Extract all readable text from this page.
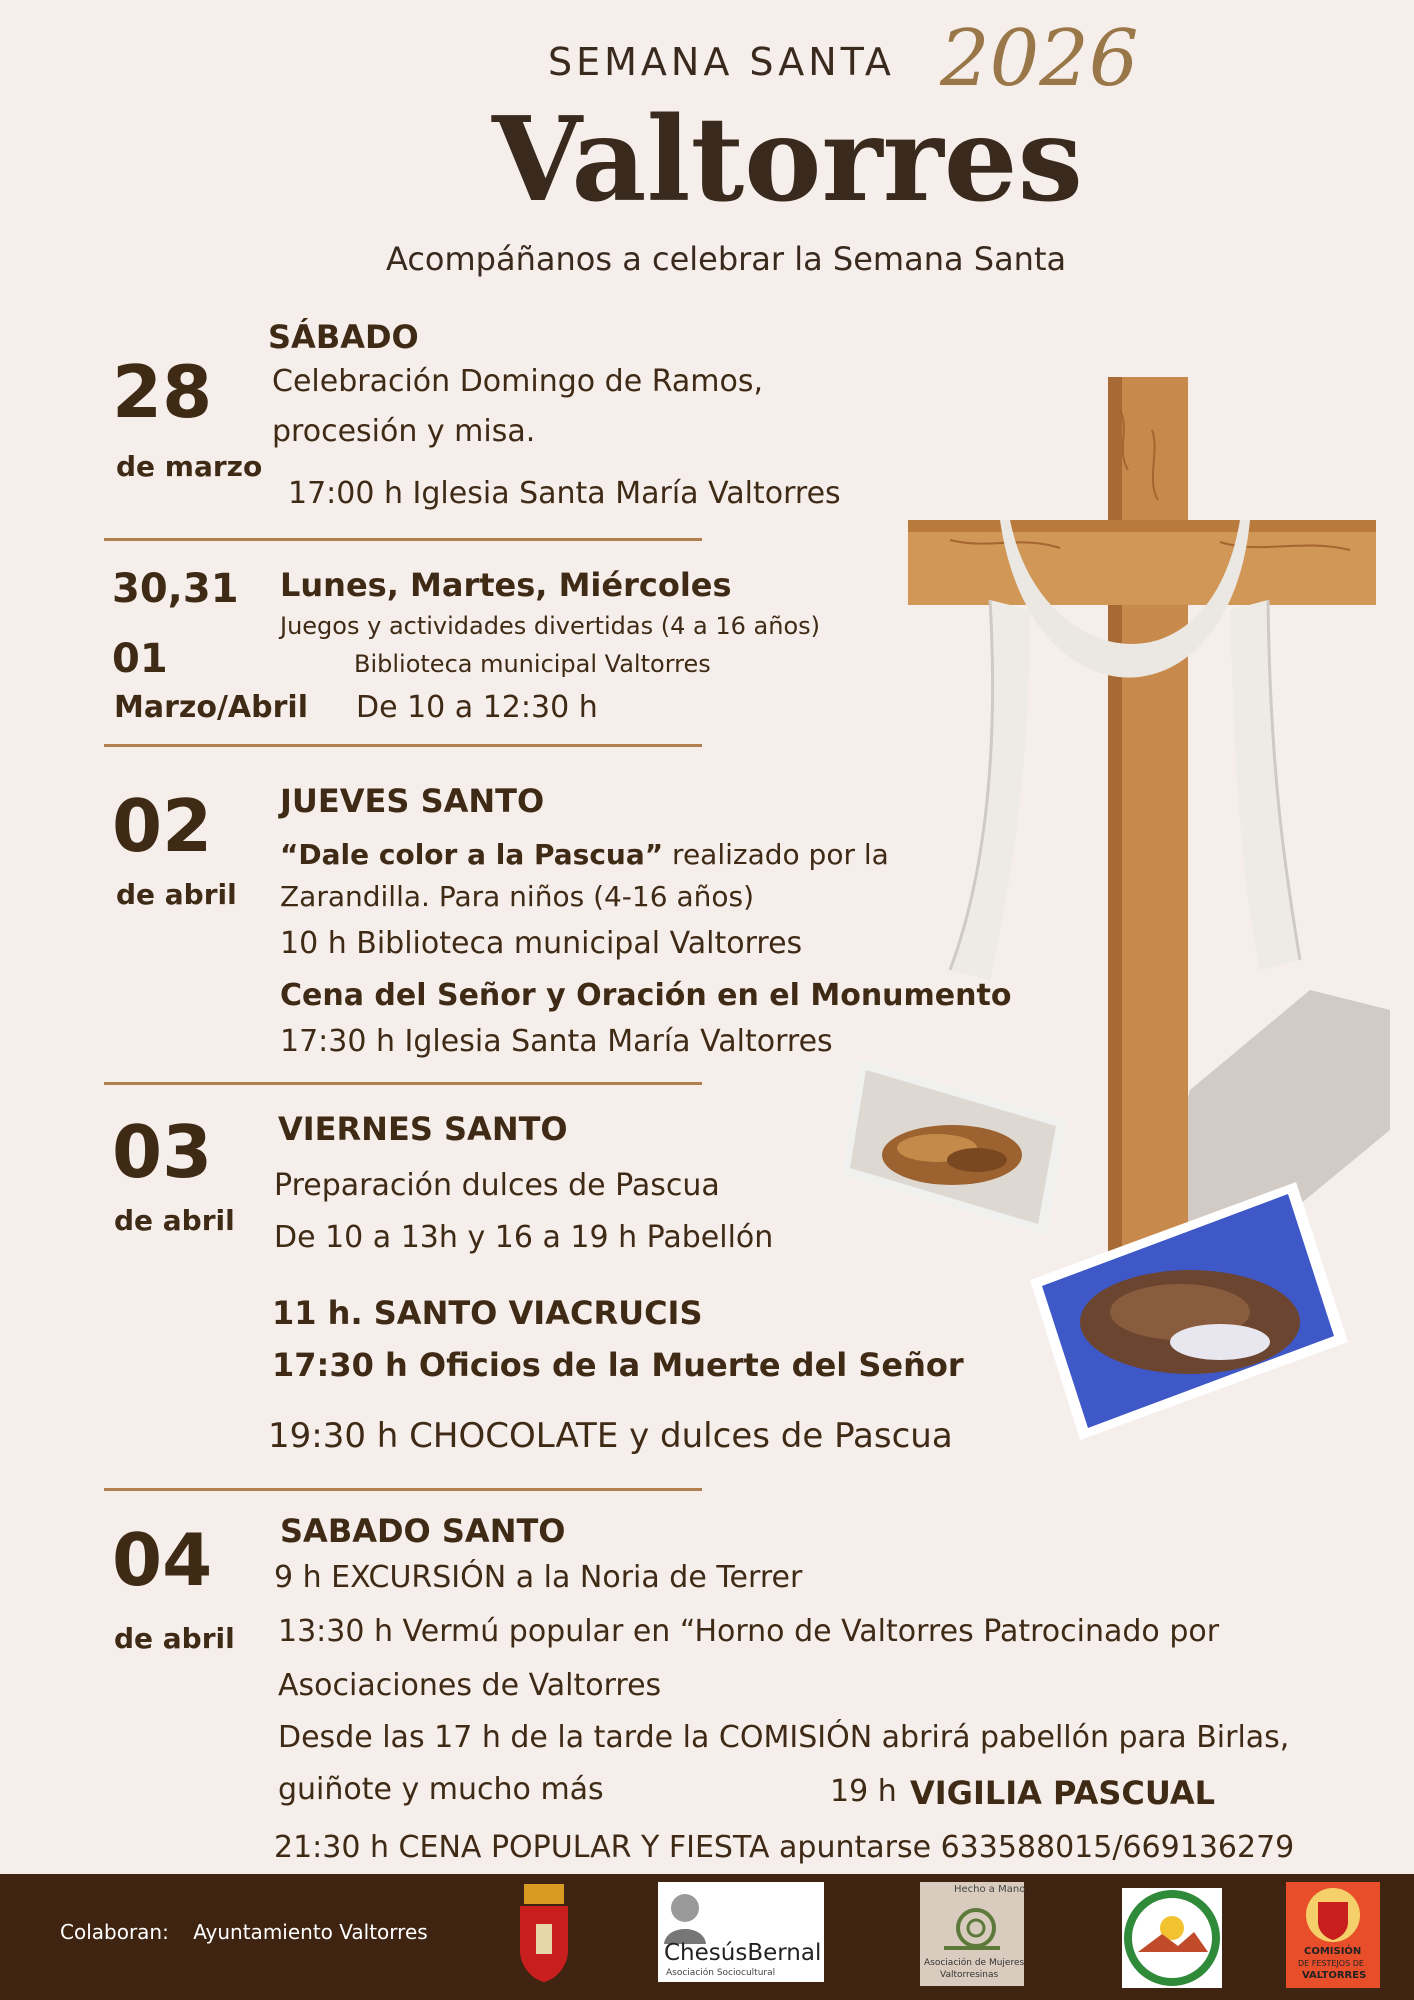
SEMANA SANTA 2026
Valtorres
Acompáñanos a celebrar la Semana Santa
SÁBADO
28
de marzo
Celebración Domingo de Ramos,
procesión y misa.
17:00 h Iglesia Santa María Valtorres
30,31
01
Marzo/Abril
Lunes, Martes, Miércoles
Juegos y actividades divertidas (4 a 16 años)
Biblioteca municipal Valtorres
De 10 a 12:30 h
02
de abril
JUEVES SANTO
“Dale color a la Pascua” realizado por la
Zarandilla. Para niños (4-16 años)
10 h Biblioteca municipal Valtorres
Cena del Señor y Oración en el Monumento
17:30 h Iglesia Santa María Valtorres
03
de abril
VIERNES SANTO
Preparación dulces de Pascua
De 10 a 13h y 16 a 19 h Pabellón
11 h. SANTO VIACRUCIS
17:30 h Oficios de la Muerte del Señor
19:30 h CHOCOLATE y dulces de Pascua
04
de abril
SABADO SANTO
9 h EXCURSIÓN a la Noria de Terrer
13:30 h Vermú popular en “Horno de Valtorres Patrocinado por
Asociaciones de Valtorres
Desde las 17 h de la tarde la COMISIÓN abrirá pabellón para Birlas,
guiñote y mucho más	19 h VIGILIA PASCUAL
21:30 h CENA POPULAR Y FIESTA apuntarse 633588015/669136279
Colaboran: Ayuntamiento Valtorres
ChesúsBernal
Asociación Sociocultural
Hecho a Mano
Asociación de Mujeres
Valtorresinas
COMISIÓN
DE FESTEJOS DE
VALTORRES
